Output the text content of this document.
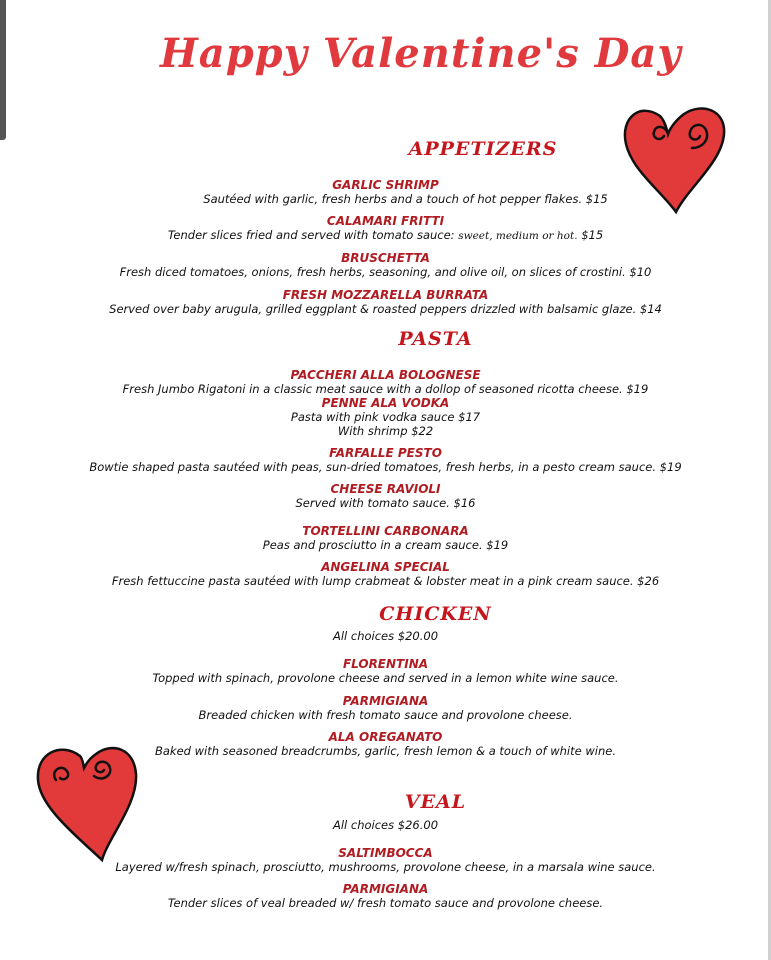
Happy Valentine's Day
APPETIZERS
GARLIC SHRIMP
Sautéed with garlic, fresh herbs and a touch of hot pepper flakes. $15
CALAMARI FRITTI
Tender slices fried and served with tomato sauce: sweet, medium or hot. $15
BRUSCHETTA
Fresh diced tomatoes, onions, fresh herbs, seasoning, and olive oil, on slices of crostini. $10
FRESH MOZZARELLA BURRATA
Served over baby arugula, grilled eggplant & roasted peppers drizzled with balsamic glaze. $14
PASTA
PACCHERI ALLA BOLOGNESE
Fresh Jumbo Rigatoni in a classic meat sauce with a dollop of seasoned ricotta cheese. $19
PENNE ALA VODKA
Pasta with pink vodka sauce $17
With shrimp $22
FARFALLE PESTO
Bowtie shaped pasta sautéed with peas, sun-dried tomatoes, fresh herbs, in a pesto cream sauce. $19
CHEESE RAVIOLI
Served with tomato sauce. $16
TORTELLINI CARBONARA
Peas and prosciutto in a cream sauce. $19
ANGELINA SPECIAL
Fresh fettuccine pasta sautéed with lump crabmeat & lobster meat in a pink cream sauce. $26
CHICKEN
All choices $20.00
FLORENTINA
Topped with spinach, provolone cheese and served in a lemon white wine sauce.
PARMIGIANA
Breaded chicken with fresh tomato sauce and provolone cheese.
ALA OREGANATO
Baked with seasoned breadcrumbs, garlic, fresh lemon & a touch of white wine.
VEAL
All choices $26.00
SALTIMBOCCA
Layered w/fresh spinach, prosciutto, mushrooms, provolone cheese, in a marsala wine sauce.
PARMIGIANA
Tender slices of veal breaded w/ fresh tomato sauce and provolone cheese.
